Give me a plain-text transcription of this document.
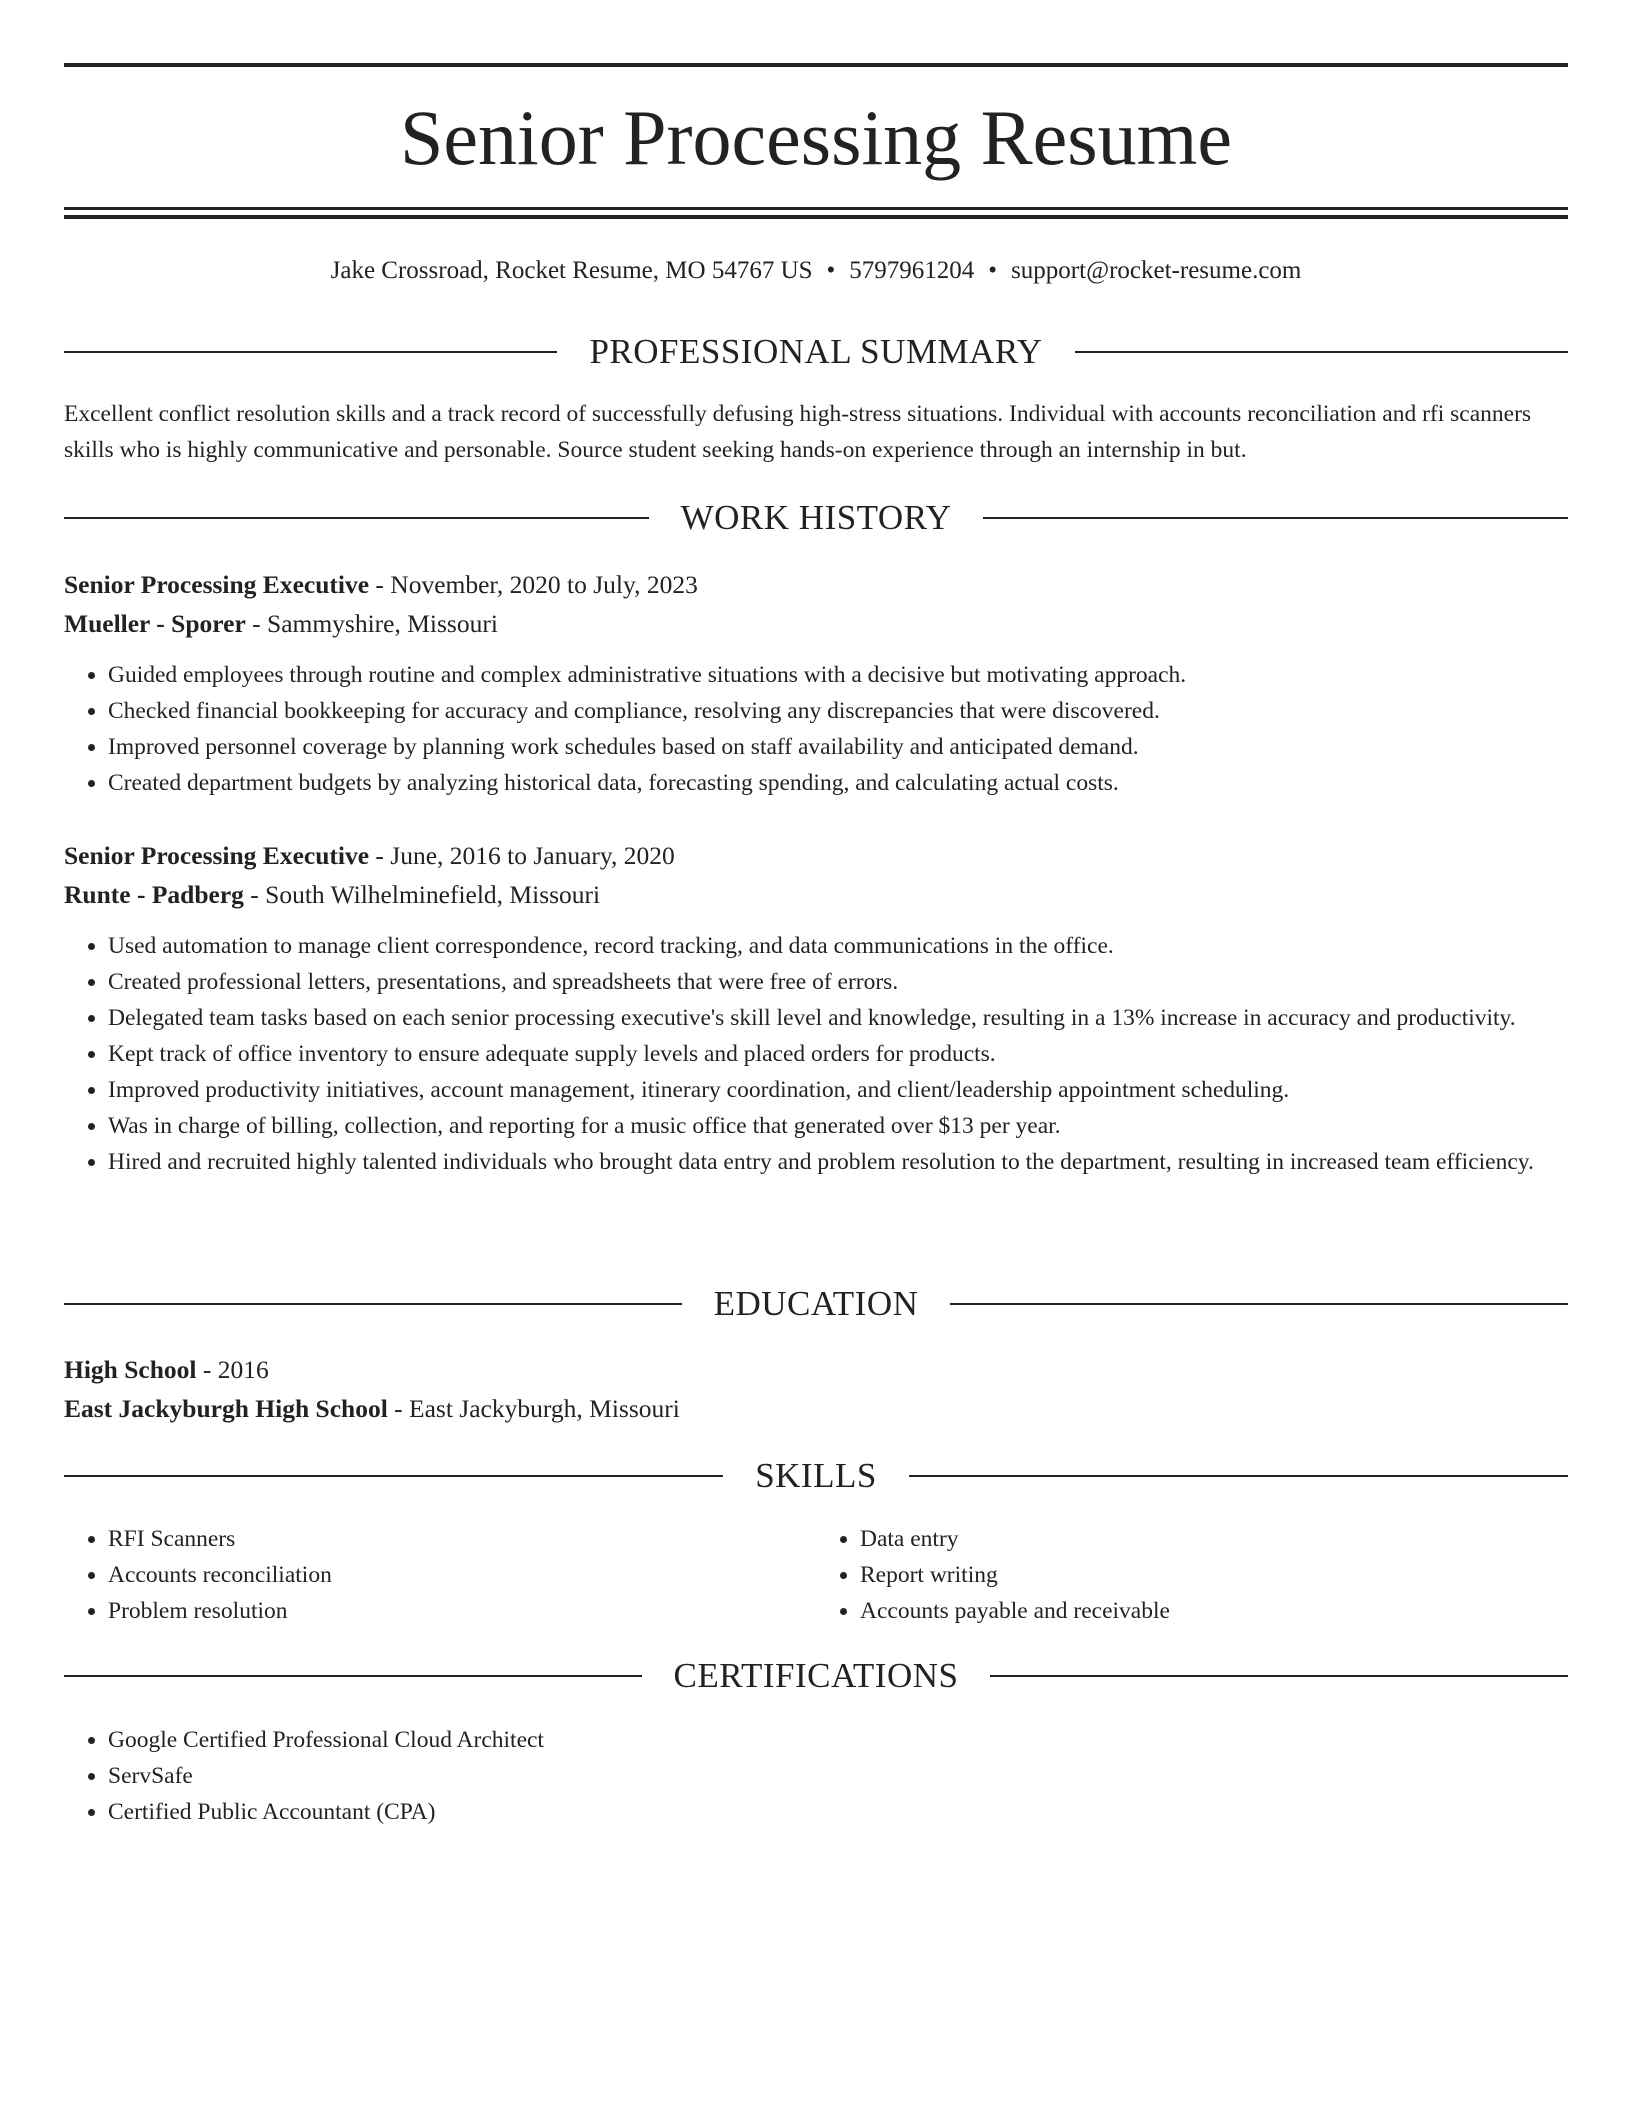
Senior Processing Resume
Jake Crossroad, Rocket Resume, MO 54767 US • 5797961204 • support@rocket-resume.com
PROFESSIONAL SUMMARY

Excellent conflict resolution skills and a track record of successfully defusing high-stress situations. Individual with accounts reconciliation and rfi scanners skills who is highly communicative and personable. Source student seeking hands-on experience through an internship in but.

WORK HISTORY

Senior Processing Executive - November, 2020 to July, 2023

Mueller - Sporer - Sammyshire, Missouri

• Guided employees through routine and complex administrative situations with a decisive but motivating approach.
• Checked financial bookkeeping for accuracy and compliance, resolving any discrepancies that were discovered.
• Improved personnel coverage by planning work schedules based on staff availability and anticipated demand.
• Created department budgets by analyzing historical data, forecasting spending, and calculating actual costs.

Senior Processing Executive - June, 2016 to January, 2020

Runte - Padberg - South Wilhelminefield, Missouri

• Used automation to manage client correspondence, record tracking, and data communications in the office.
• Created professional letters, presentations, and spreadsheets that were free of errors.
• Delegated team tasks based on each senior processing executive's skill level and knowledge, resulting in a 13% increase in accuracy and productivity.
• Kept track of office inventory to ensure adequate supply levels and placed orders for products.
• Improved productivity initiatives, account management, itinerary coordination, and client/leadership appointment scheduling.
• Was in charge of billing, collection, and reporting for a music office that generated over $13 per year.
• Hired and recruited highly talented individuals who brought data entry and problem resolution to the department, resulting in increased team efficiency.
EDUCATION

High School - 2016

East Jackyburgh High School - East Jackyburgh, Missouri

SKILLS
• RFI Scanners
• Accounts reconciliation
• Problem resolution
• Data entry
• Report writing
• Accounts payable and receivable
CERTIFICATIONS
• Google Certified Professional Cloud Architect
• ServSafe
• Certified Public Accountant (CPA)
